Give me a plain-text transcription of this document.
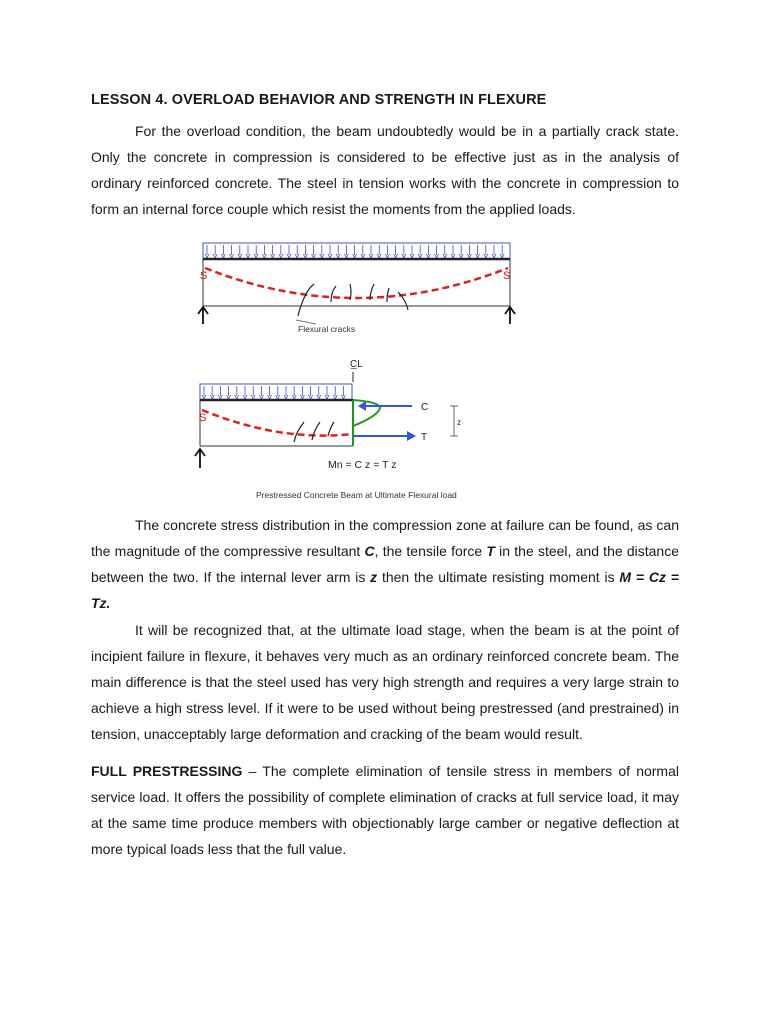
LESSON 4. OVERLOAD BEHAVIOR AND STRENGTH IN FLEXURE

For the overload condition, the beam undoubtedly would be in a partially crack state. Only the concrete in compression is considered to be effective just as in the analysis of ordinary reinforced concrete. The steel in tension works with the concrete in compression to form an internal force couple which resist the moments from the applied loads.

S	S
Flexural cracks
C̲L
S
C
T
z
Mn = C z = T z
Prestressed Concrete Beam at Ultimate Flexural load

The concrete stress distribution in the compression zone at failure can be found, as can the magnitude of the compressive resultant C, the tensile force T in the steel, and the distance between the two. If the internal lever arm is z then the ultimate resisting moment is M = Cz = Tz.

It will be recognized that, at the ultimate load stage, when the beam is at the point of incipient failure in flexure, it behaves very much as an ordinary reinforced concrete beam. The main difference is that the steel used has very high strength and requires a very large strain to achieve a high stress level. If it were to be used without being prestressed (and prestrained) in tension, unacceptably large deformation and cracking of the beam would result.

FULL PRESTRESSING – The complete elimination of tensile stress in members of normal service load. It offers the possibility of complete elimination of cracks at full service load, it may at the same time produce members with objectionably large camber or negative deflection at more typical loads less that the full value.
